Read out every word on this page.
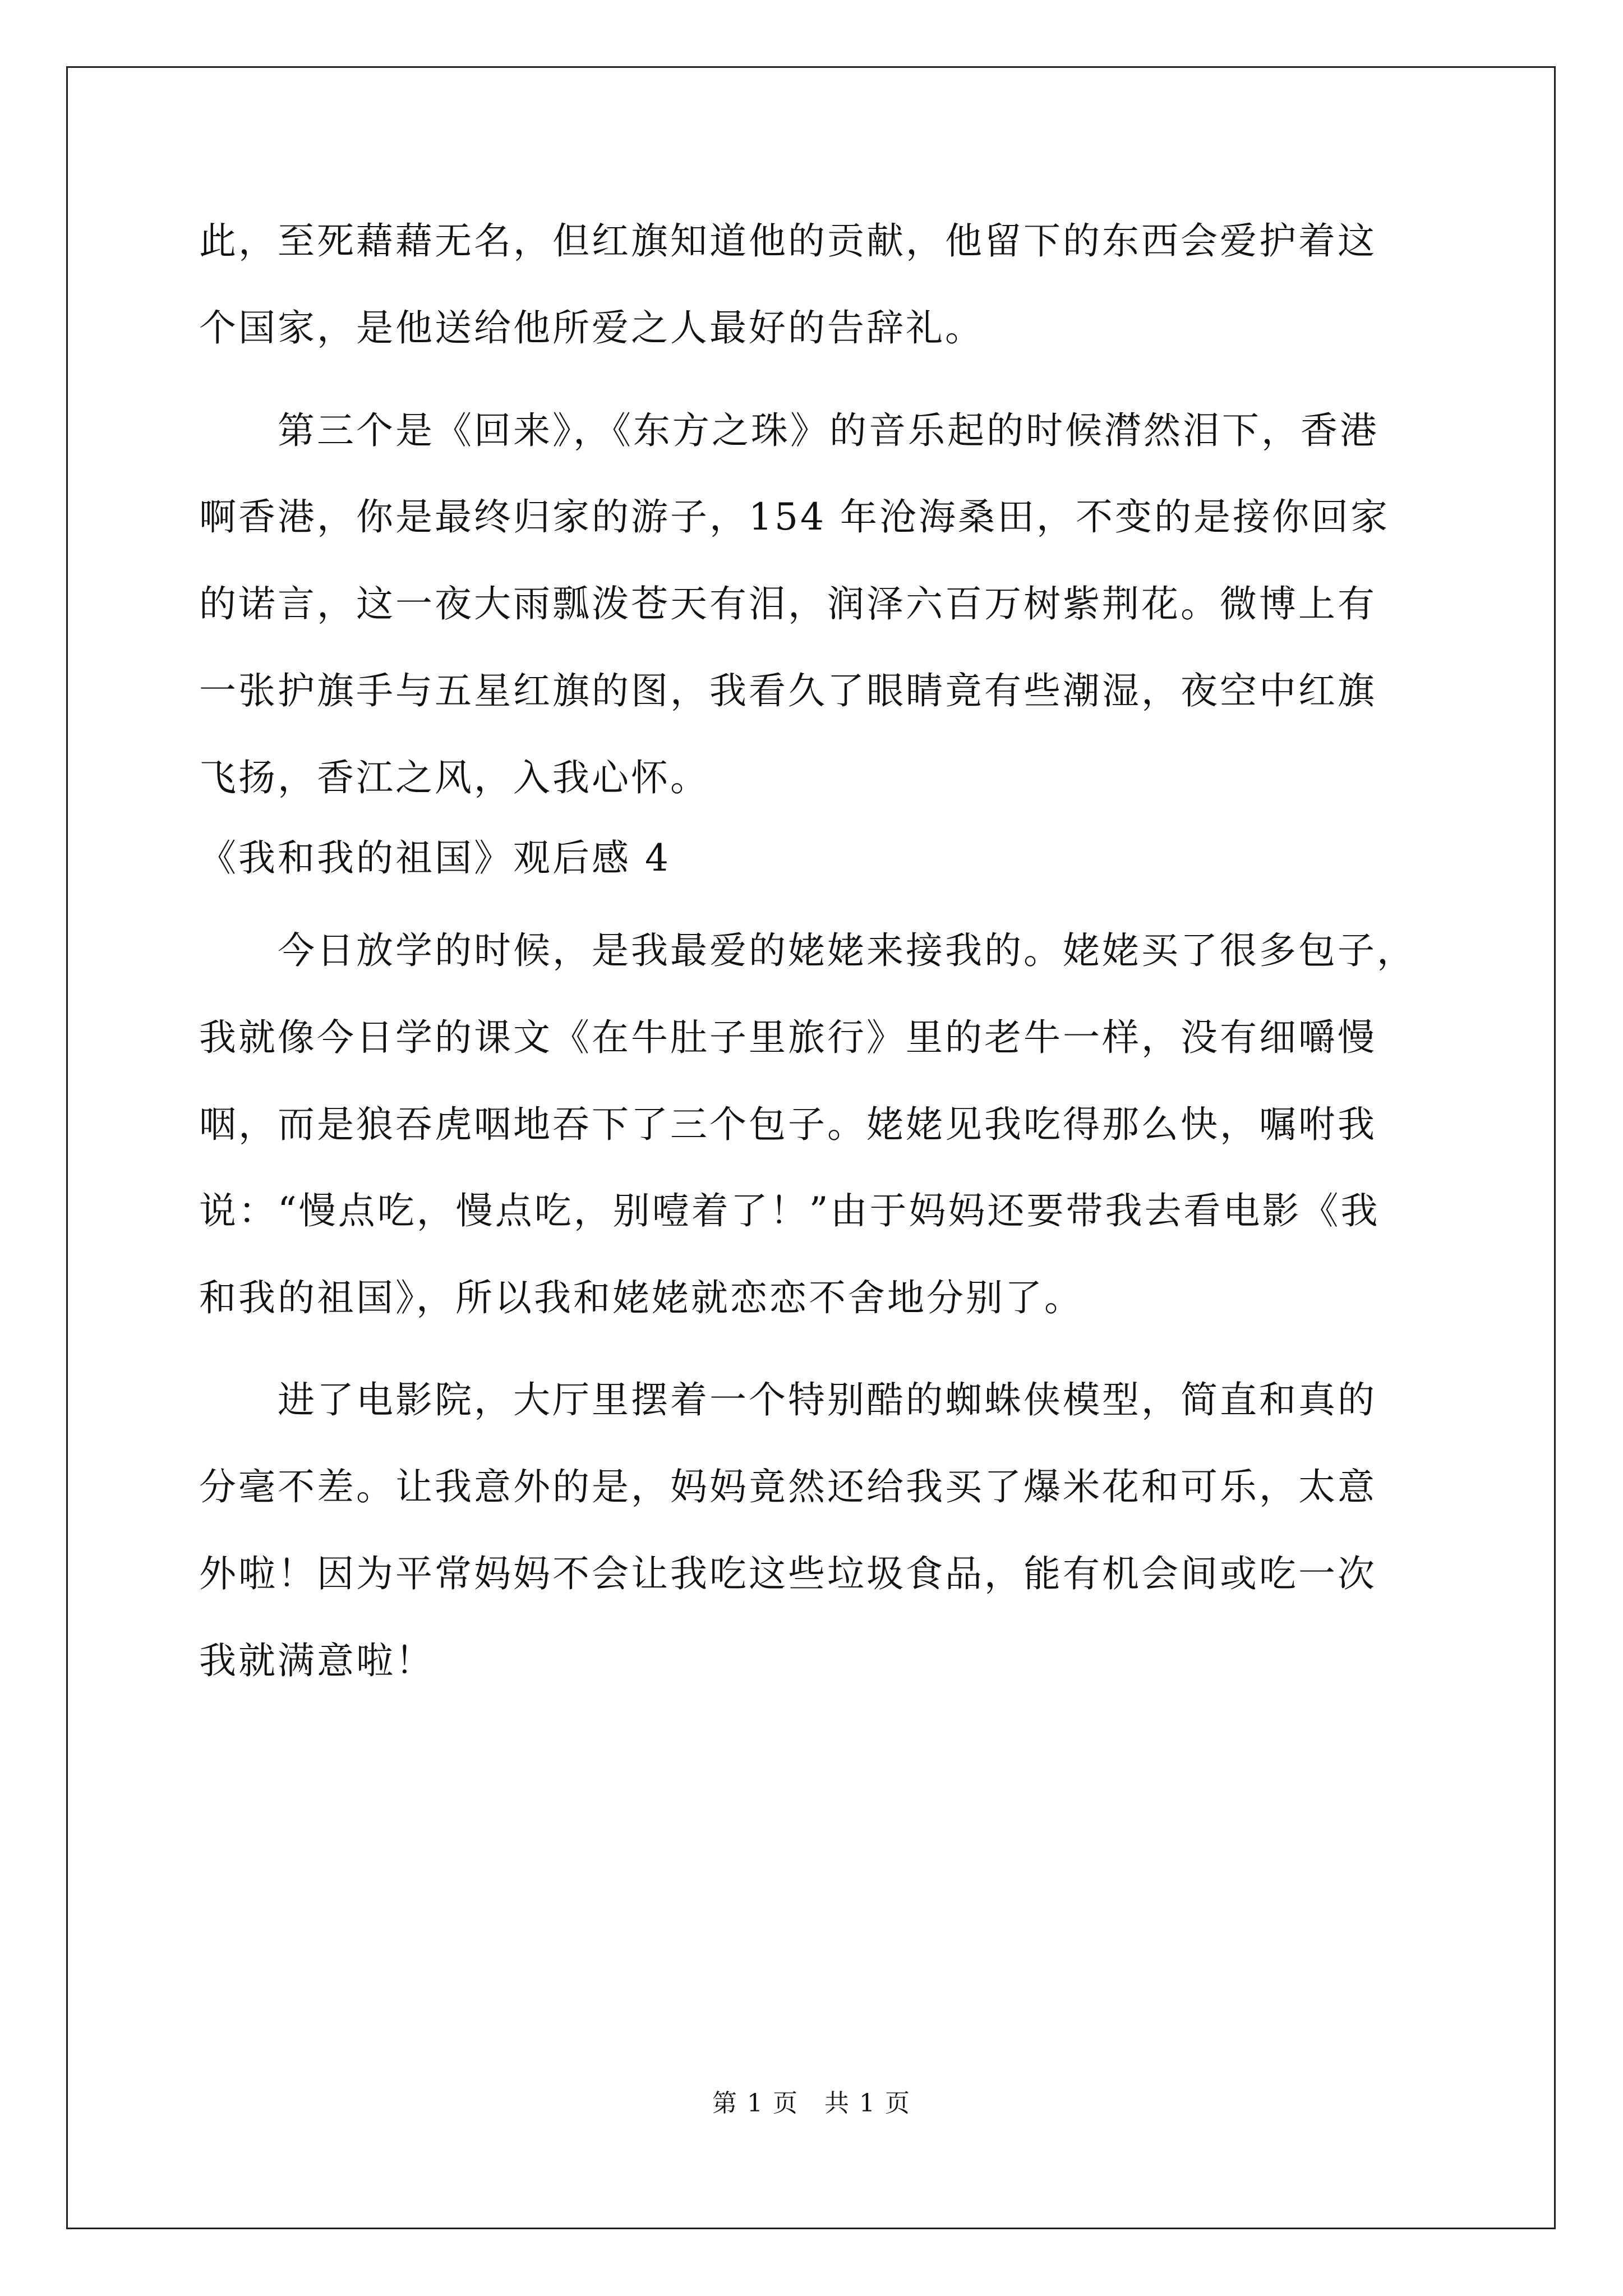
此，至死藉藉无名，但红旗知道他的贡献，他留下的东西会爱护着这
个国家，是他送给他所爱之人最好的告辞礼。
　　第三个是《回来》，《东方之珠》的音乐起的时候潸然泪下，香港
啊香港，你是最终归家的游子，154 年沧海桑田，不变的是接你回家
的诺言，这一夜大雨瓢泼苍天有泪，润泽六百万树紫荆花。微博上有
一张护旗手与五星红旗的图，我看久了眼睛竟有些潮湿，夜空中红旗
飞扬，香江之风，入我心怀。
《我和我的祖国》观后感 4
　　今日放学的时候，是我最爱的姥姥来接我的。姥姥买了很多包子，
我就像今日学的课文《在牛肚子里旅行》里的老牛一样，没有细嚼慢
咽，而是狼吞虎咽地吞下了三个包子。姥姥见我吃得那么快，嘱咐我
说：“慢点吃，慢点吃，别噎着了！”由于妈妈还要带我去看电影《我
和我的祖国》，所以我和姥姥就恋恋不舍地分别了。
　　进了电影院，大厅里摆着一个特别酷的蜘蛛侠模型，简直和真的
分毫不差。让我意外的是，妈妈竟然还给我买了爆米花和可乐，太意
外啦！因为平常妈妈不会让我吃这些垃圾食品，能有机会间或吃一次
我就满意啦！
第 1 页 共 1 页
